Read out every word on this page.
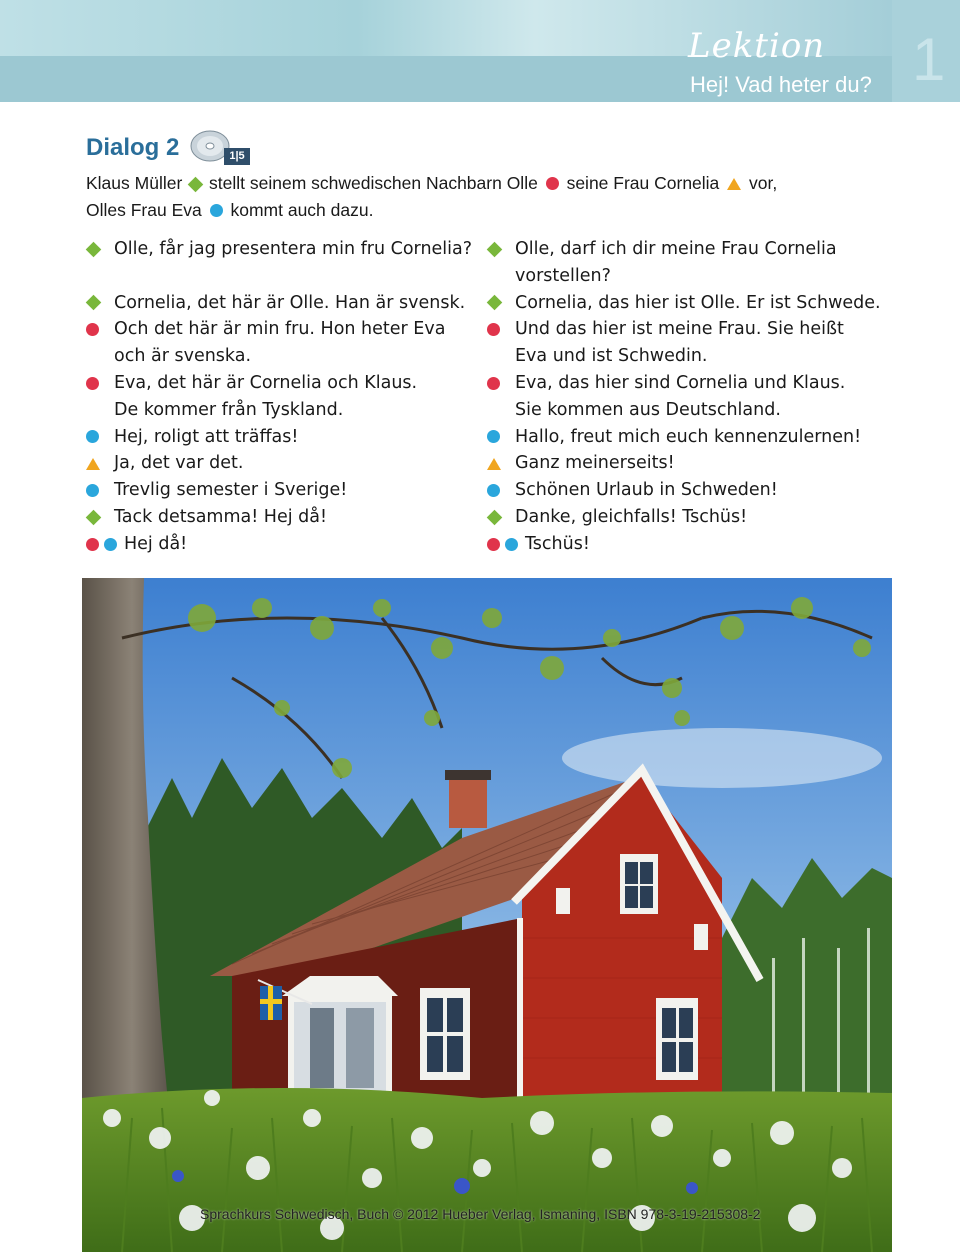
Lektion
Hej! Vad heter du? 1
Dialog 2	1|5
Klaus Müller stellt seinem schwedischen Nachbarn Olle seine Frau Cornelia vor,
Olles Frau Eva kommt auch dazu.
Olle, får jag presentera min fru Cornelia?
Cornelia, det här är Olle. Han är svensk.
Och det här är min fru. Hon heter Eva
och är svenska.
Eva, det här är Cornelia och Klaus.
De kommer från Tyskland.
Hej, roligt att träffas!
Ja, det var det.
Trevlig semester i Sverige!
Tack detsamma! Hej då!
Hej då!
Olle, darf ich dir meine Frau Cornelia
vorstellen?
Cornelia, das hier ist Olle. Er ist Schwede.
Und das hier ist meine Frau. Sie heißt
Eva und ist Schwedin.
Eva, das hier sind Cornelia und Klaus.
Sie kommen aus Deutschland.
Hallo, freut mich euch kennenzulernen!
Ganz meinerseits!
Schönen Urlaub in Schweden!
Danke, gleichfalls! Tschüs!
Tschüs!
Sprachkurs Schwedisch, Buch © 2012 Hueber Verlag, Ismaning, ISBN 978-3-19-215308-2
